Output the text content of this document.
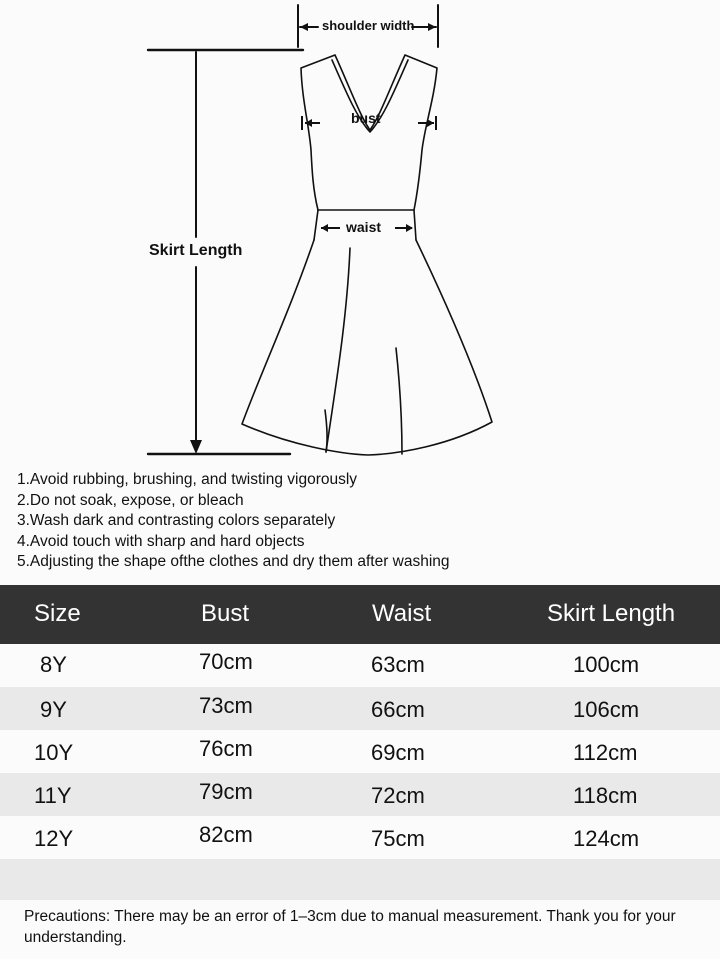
shoulder width
bust
waist
Skirt Length
1.Avoid rubbing, brushing, and twisting vigorously
2.Do not soak, expose, or bleach
3.Wash dark and contrasting colors separately
4.Avoid touch with sharp and hard objects
5.Adjusting the shape ofthe clothes and dry them after washing
Size	Bust	Waist	Skirt Length
8Y	70cm	63cm	100cm
9Y	73cm	66cm	106cm
10Y	76cm	69cm	112cm
11Y	79cm	72cm	118cm
12Y	82cm	75cm	124cm
Precautions: There may be an error of 1–3cm due to manual measurement. Thank you for your understanding.
